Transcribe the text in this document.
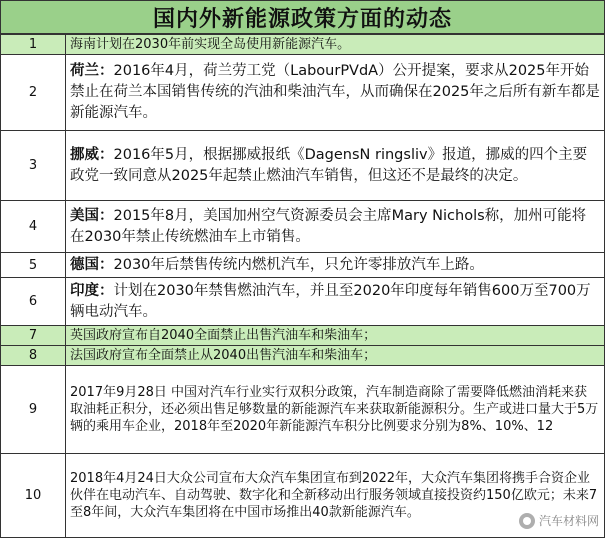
国内外新能源政策方面的动态
1	海南计划在2030年前实现全岛使用新能源汽车。
2	荷兰：2016年4月，荷兰劳工党（LabourPVdA）公开提案，要求从2025年开始禁止在荷兰本国销售传统的汽油和柴油汽车，从而确保在2025年之后所有新车都是新能源汽车。
3	挪威：2016年5月，根据挪威报纸《DagensN ringsliv》报道，挪威的四个主要政党一致同意从2025年起禁止燃油汽车销售，但这还不是最终的决定。
4	美国：2015年8月，美国加州空气资源委员会主席Mary Nichols称，加州可能将在2030年禁止传统燃油车上市销售。
5	德国：2030年后禁售传统内燃机汽车，只允许零排放汽车上路。
6	印度：计划在2030年禁售燃油汽车，并且至2020年印度每年销售600万至700万辆电动汽车。
7	英国政府宣布自2040全面禁止出售汽油车和柴油车；
8	法国政府宣布全面禁止从2040出售汽油车和柴油车；
9	2017年9月28日 中国对汽车行业实行双积分政策，汽车制造商除了需要降低燃油消耗来获取油耗正积分，还必须出售足够数量的新能源汽车来获取新能源积分。生产或进口量大于5万辆的乘用车企业，2018年至2020年新能源汽车积分比例要求分别为8%、10%、12
10	2018年4月24日大众公司宣布大众汽车集团宣布到2022年，大众汽车集团将携手合资企业伙伴在电动汽车、自动驾驶、数字化和全新移动出行服务领域直接投资约150亿欧元；未来7至8年间，大众汽车集团将在中国市场推出40款新能源汽车。
汽车材料网
